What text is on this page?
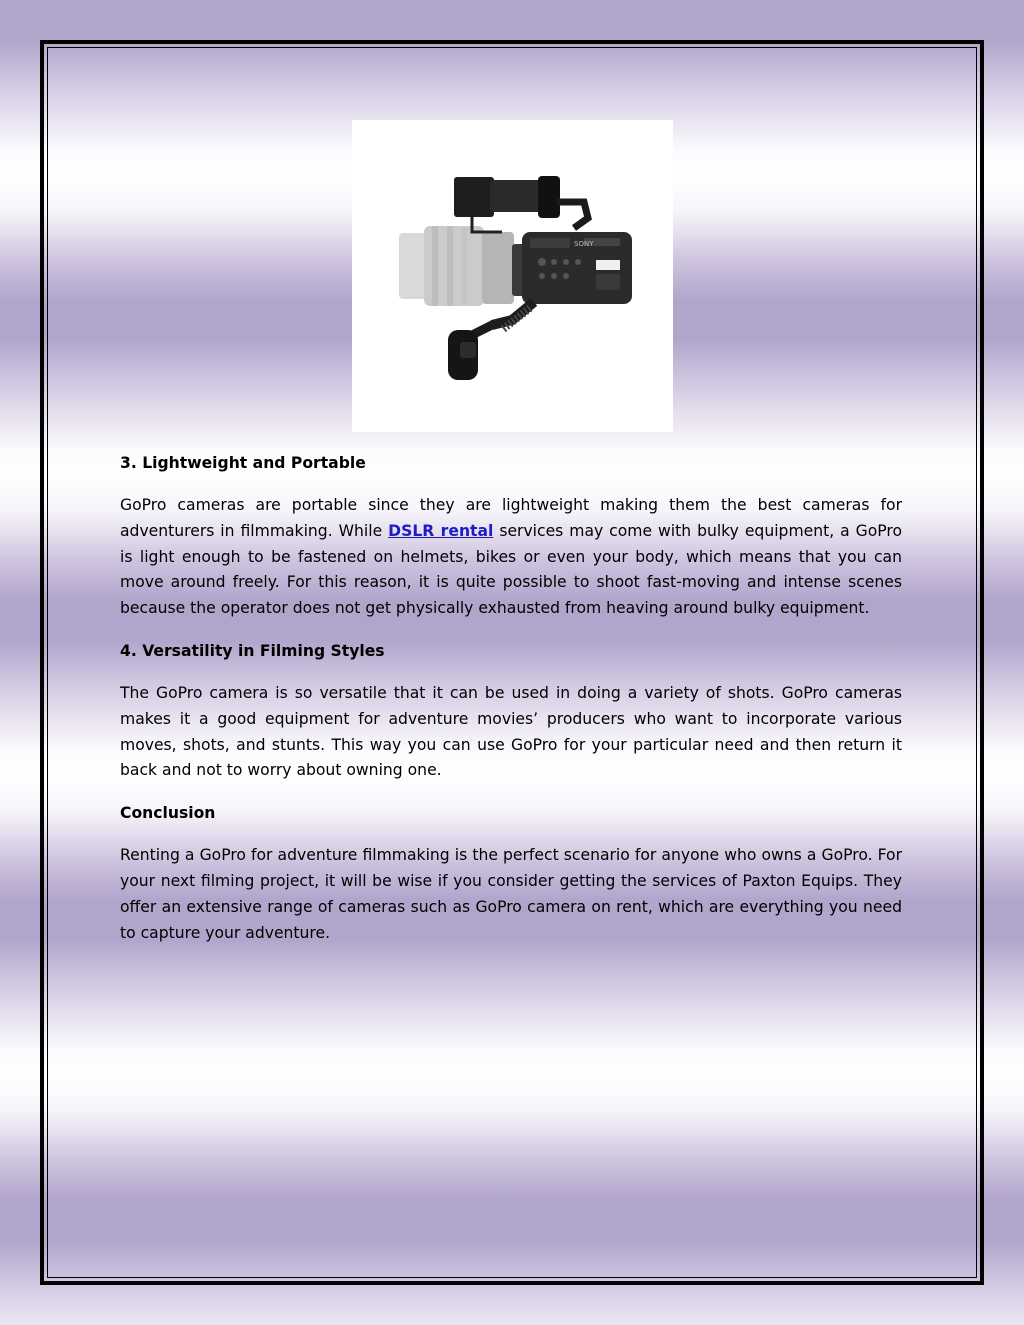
SONY
3. Lightweight and Portable

GoPro cameras are portable since they are lightweight making them the best cameras for adventurers in filmmaking. While DSLR rental services may come with bulky equipment, a GoPro is light enough to be fastened on helmets, bikes or even your body, which means that you can move around freely. For this reason, it is quite possible to shoot fast-moving and intense scenes because the operator does not get physically exhausted from heaving around bulky equipment.

4. Versatility in Filming Styles

The GoPro camera is so versatile that it can be used in doing a variety of shots. GoPro cameras makes it a good equipment for adventure movies’ producers who want to incorporate various moves, shots, and stunts. This way you can use GoPro for your particular need and then return it back and not to worry about owning one.

Conclusion

Renting a GoPro for adventure filmmaking is the perfect scenario for anyone who owns a GoPro. For your next filming project, it will be wise if you consider getting the services of Paxton Equips. They offer an extensive range of cameras such as GoPro camera on rent, which are everything you need to capture your adventure.
